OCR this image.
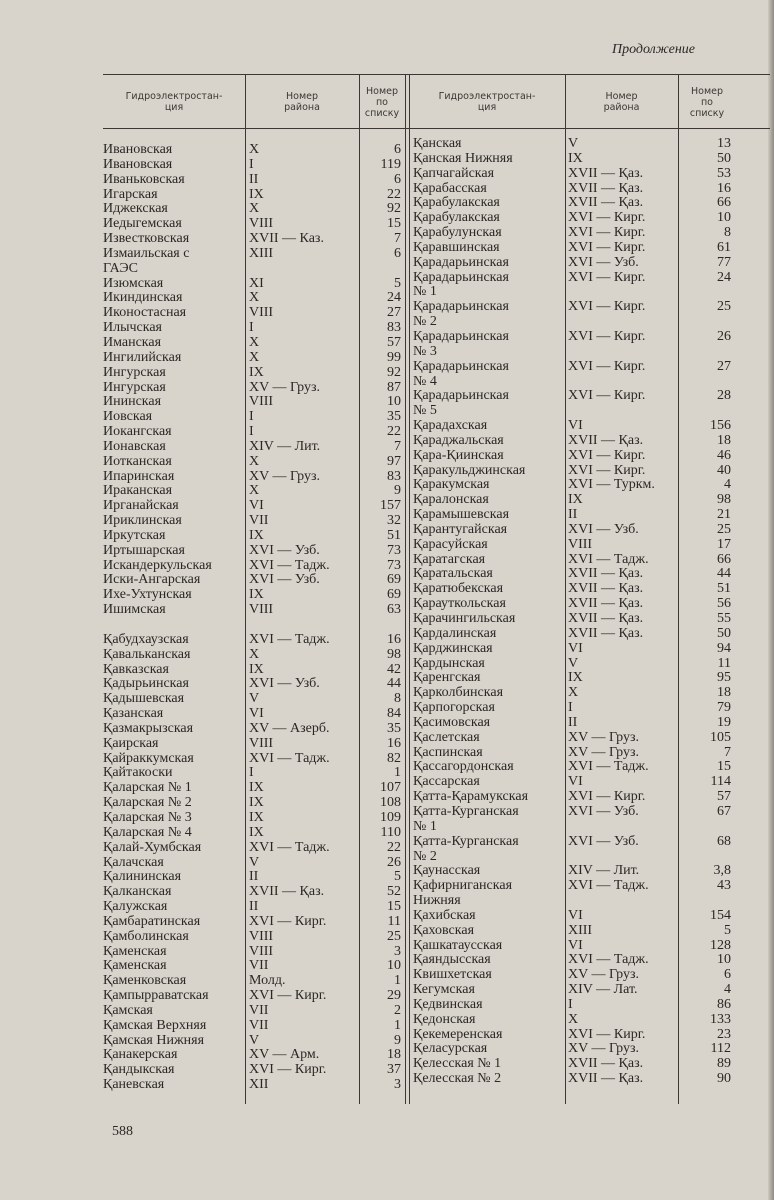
Продолжение
Гидроэлектростан-
ция
Номер
района
Номер
по
списку
Гидроэлектростан-
ция
Номер
района
Номер
по
списку
Ивановская	X	6
Ивановская	I	119
Иваньковская	II	6
Игарская	IX	22
Иджекская	X	92
Иедыгемская	VIII	15
Известковская	XVII — Каз.	7
Измаильская с
ГАЭС
XIII	6
Изюмская	XI	5
Икиндинская	X	24
Иконостасная	VIII	27
Илычская	I	83
Иманская	X	57
Ингилийская	X	99
Ингурская	IX	92
Ингурская	XV — Груз.	87
Ининская	VIII	10
Иовская	I	35
Иокангская	I	22
Ионавская	XIV — Лит.	7
Иотканская	X	97
Ипаринская	XV — Груз.	83
Ираканская	X	9
Ирганайская	VI	157
Ириклинская	VII	32
Иркутская	IX	51
Иртышарская	XVI — Узб.	73
Искандеркульская	XVI — Тадж.	73
Иски-Ангарская	XVI — Узб.	69
Ихе-Ухтунская	IX	69
Ишимская	VIII	63
Қабудхаузская	XVI — Тадж.	16
Қавальканская	X	98
Қавказская	IX	42
Қадырьинская	XVI — Узб.	44
Қадышевская	V	8
Қазанская	VI	84
Қазмакрызская	XV — Азерб.	35
Қаирская	VIII	16
Қайраккумская	XVI — Тадж.	82
Қайтакоски	I	1
Қаларская № 1	IX	107
Қаларская № 2	IX	108
Қаларская № 3	IX	109
Қаларская № 4	IX	110
Қалай-Хумбская	XVI — Тадж.	22
Қалачская	V	26
Қалининская	II	5
Қалканская	XVII — Қаз.	52
Қалужская	II	15
Қамбаратинская	XVI — Кирг.	11
Қамболинская	VIII	25
Қаменская	VIII	3
Қаменская	VII	10
Қаменковская	Молд.	1
Қампырраватская	XVI — Кирг.	29
Қамская	VII	2
Қамская Верхняя	VII	1
Қамская Нижняя	V	9
Қанакерская	XV — Арм.	18
Қандыкская	XVI — Кирг.	37
Қаневская	XII	3
Қанская	V	13
Қанская Нижняя	IX	50
Қапчагайская	XVII — Қаз.	53
Қарабасская	XVII — Қаз.	16
Қарабулакская	XVII — Қаз.	66
Қарабулакская	XVI — Кирг.	10
Қарабулунская	XVI — Кирг.	8
Қаравшинская	XVI — Кирг.	61
Қарадарьинская	XVI — Узб.	77
Қарадарьинская
№ 1
XVI — Кирг.	24
Қарадарьинская
№ 2
XVI — Кирг.	25
Қарадарьинская
№ 3
XVI — Кирг.	26
Қарадарьинская
№ 4
XVI — Кирг.	27
Қарадарьинская
№ 5
XVI — Кирг.	28
Қарадахская	VI	156
Қараджальская	XVII — Қаз.	18
Қара-Қиинская	XVI — Кирг.	46
Қаракульджинская	XVI — Кирг.	40
Қаракумская	XVI — Туркм.	4
Қаралонская	IX	98
Қарамышевская	II	21
Қарантугайская	XVI — Узб.	25
Қарасуйская	VIII	17
Қаратагская	XVI — Тадж.	66
Қаратальская	XVII — Қаз.	44
Қаратюбекская	XVII — Қаз.	51
Қарауткольская	XVII — Қаз.	56
Қарачингильская	XVII — Қаз.	55
Қардалинская	XVII — Қаз.	50
Қарджинская	VI	94
Қардынская	V	11
Қаренгская	IX	95
Қарколбинская	X	18
Қарпогорская	I	79
Қасимовская	II	19
Қаслетская	XV — Груз.	105
Қаспинская	XV — Груз.	7
Қассагордонская	XVI — Тадж.	15
Қассарская	VI	114
Қатта-Қарамукская	XVI — Кирг.	57
Қатта-Курганская
№ 1
XVI — Узб.	67
Қатта-Курганская
№ 2
XVI — Узб.	68
Қаунасская	XIV — Лит.	3,8
Қафирниганская
Нижняя
XVI — Тадж.	43
Қахибская	VI	154
Қаховская	XIII	5
Қашкатаусская	VI	128
Қаяндысская	XVI — Тадж.	10
Квишхетская	XV — Груз.	6
Кегумская	XIV — Лат.	4
Қедвинская	I	86
Қедонская	X	133
Қекемеренская	XVI — Кирг.	23
Қеласурская	XV — Груз.	112
Қелесская № 1	XVII — Қаз.	89
Қелесская № 2	XVII — Қаз.	90
588
